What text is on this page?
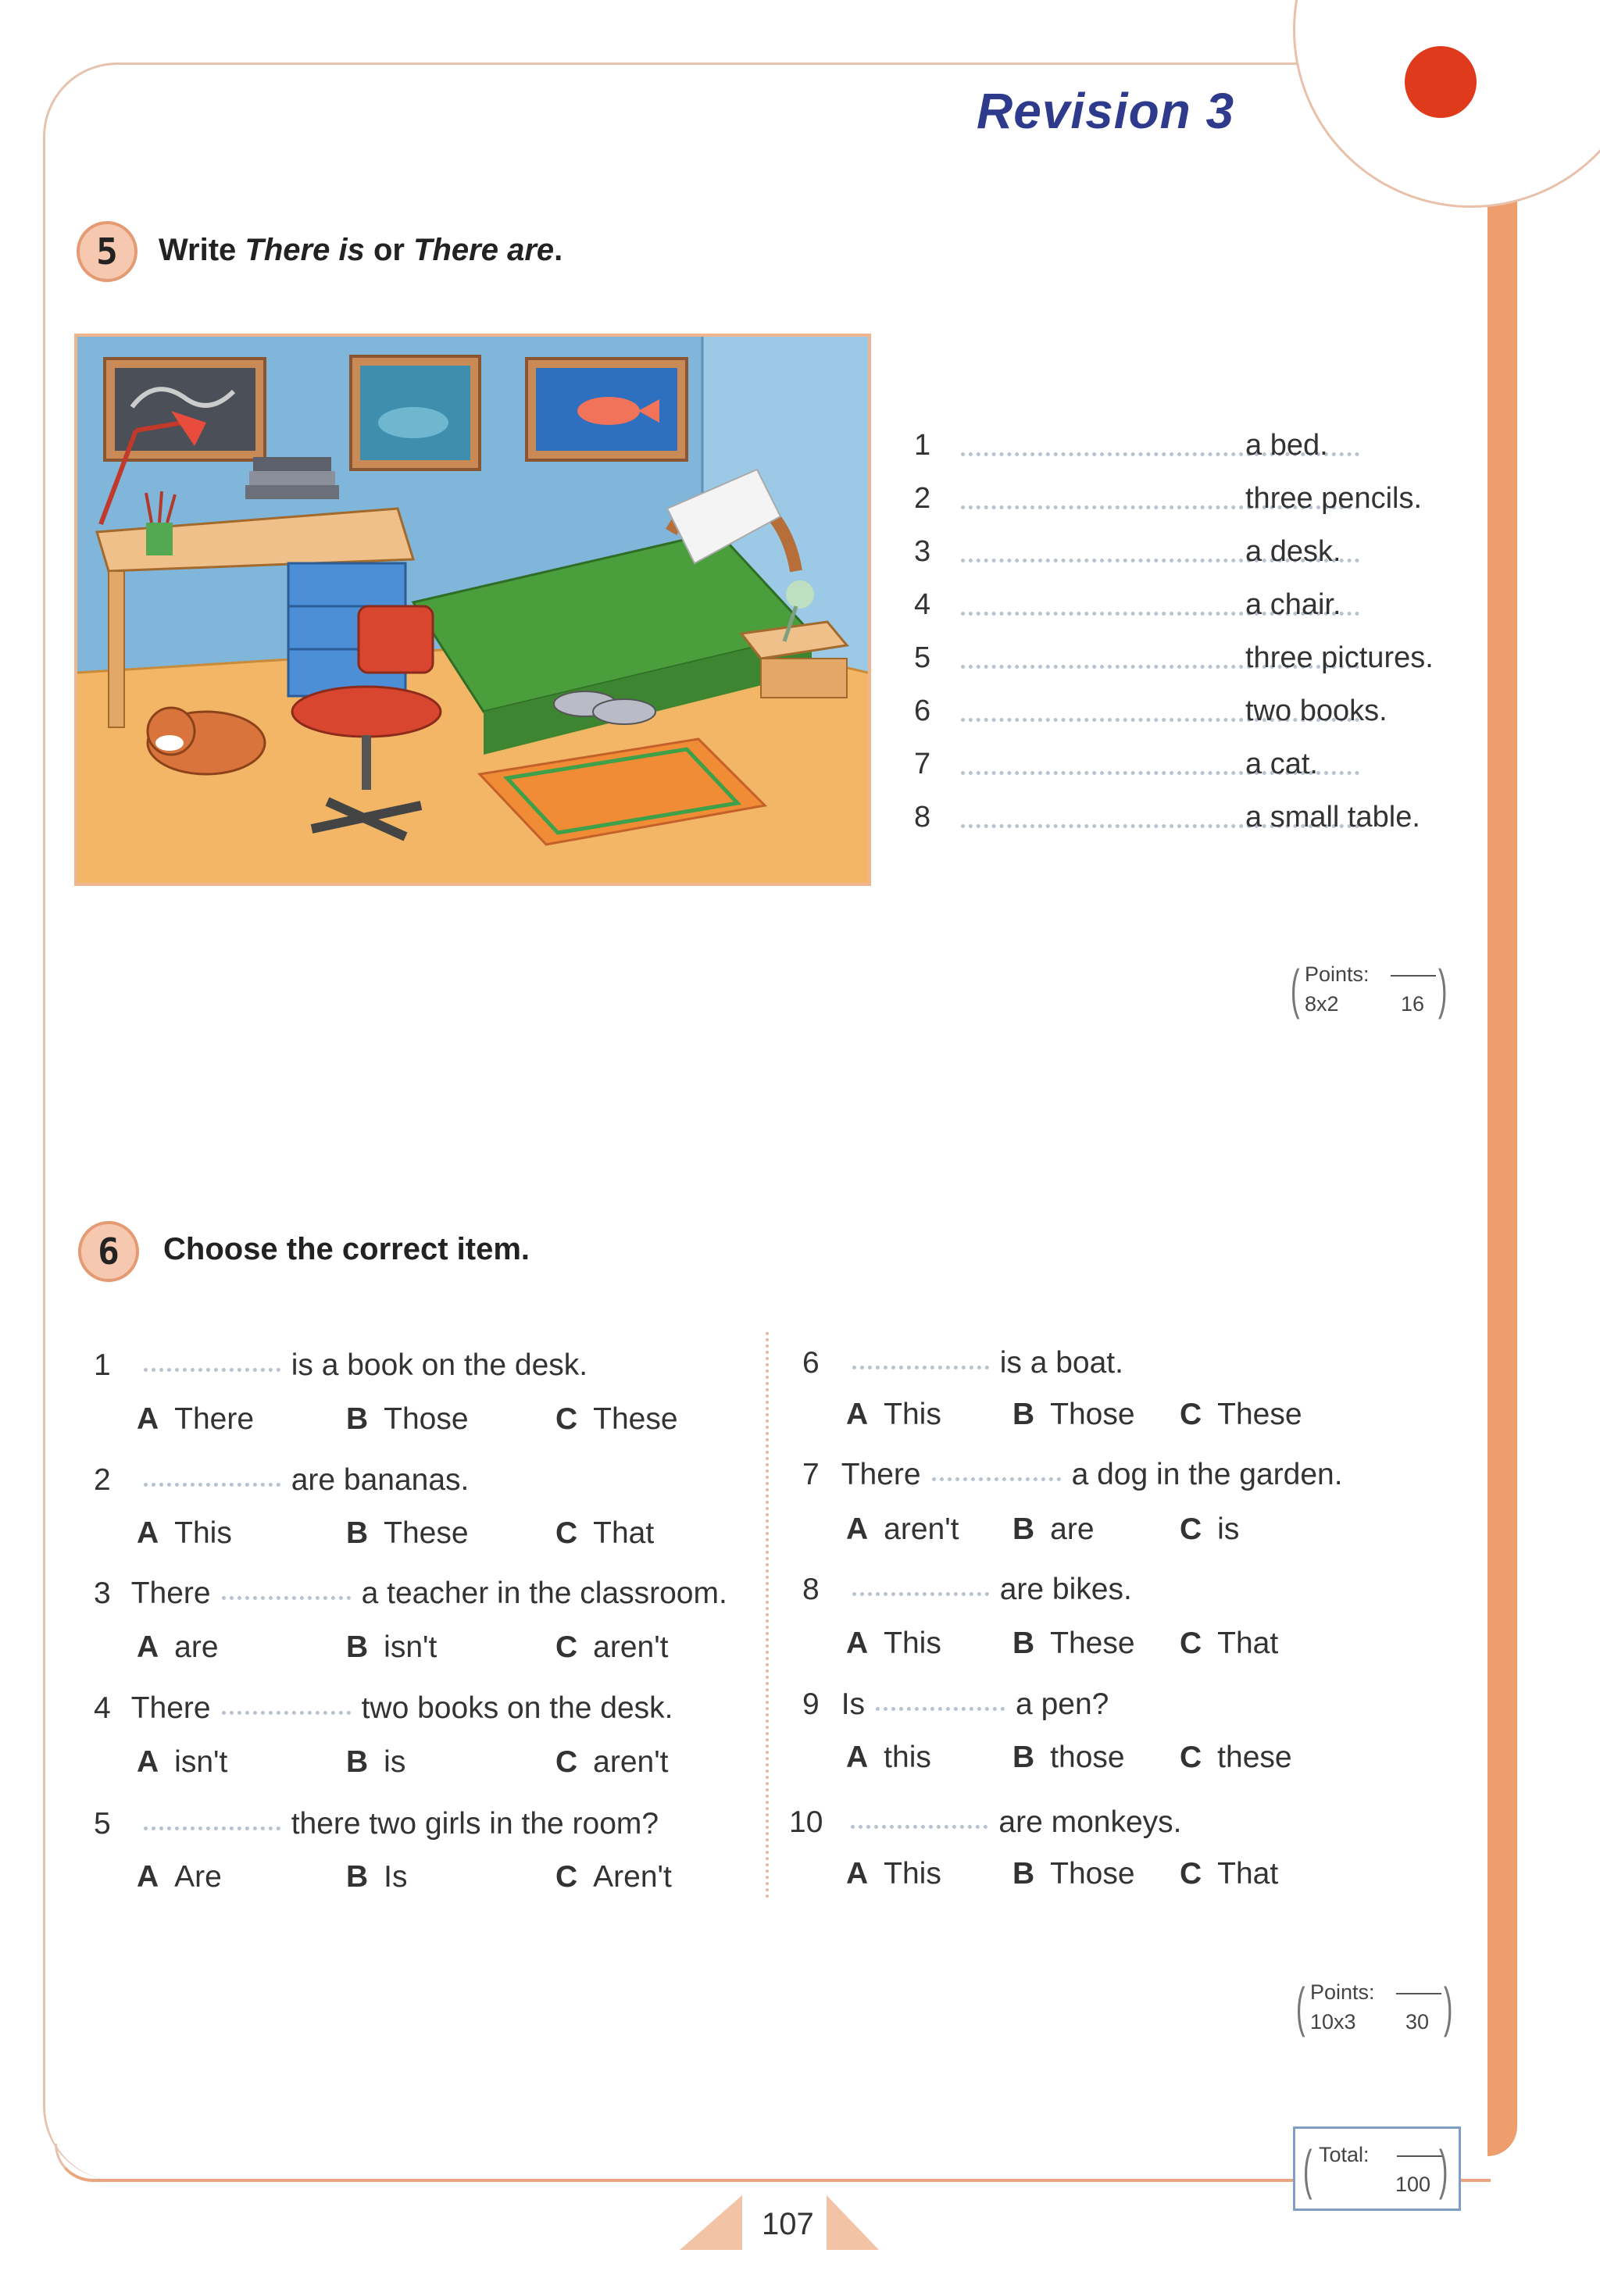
Revision 3
5	Write There is or There are.
1	a bed.
2	three pencils.
3	a desk.
4	a chair.
5	three pictures.
6	two books.
7	a cat.
8	a small table.
( Points:
8x2	16 )
6	Choose the correct item.
1	is a book on the desk.
A There	B Those	C These
2	are bananas.
A This	B These	C That
3 There	a teacher in the classroom.
A are	B isn't	C aren't
4 There	two books on the desk.
A isn't	B is	C aren't
5	there two girls in the room?
A Are	B Is	C Aren't
6	is a boat.
A This B Those C These
7 There	a dog in the garden.
A aren't B are	C is
8	are bikes.
A This B These C That
9 Is	a pen?
A this	B those C these
10	are monkeys.
A This B Those C That
( Points:
10x3 30 )
( Total:
100 )
107
